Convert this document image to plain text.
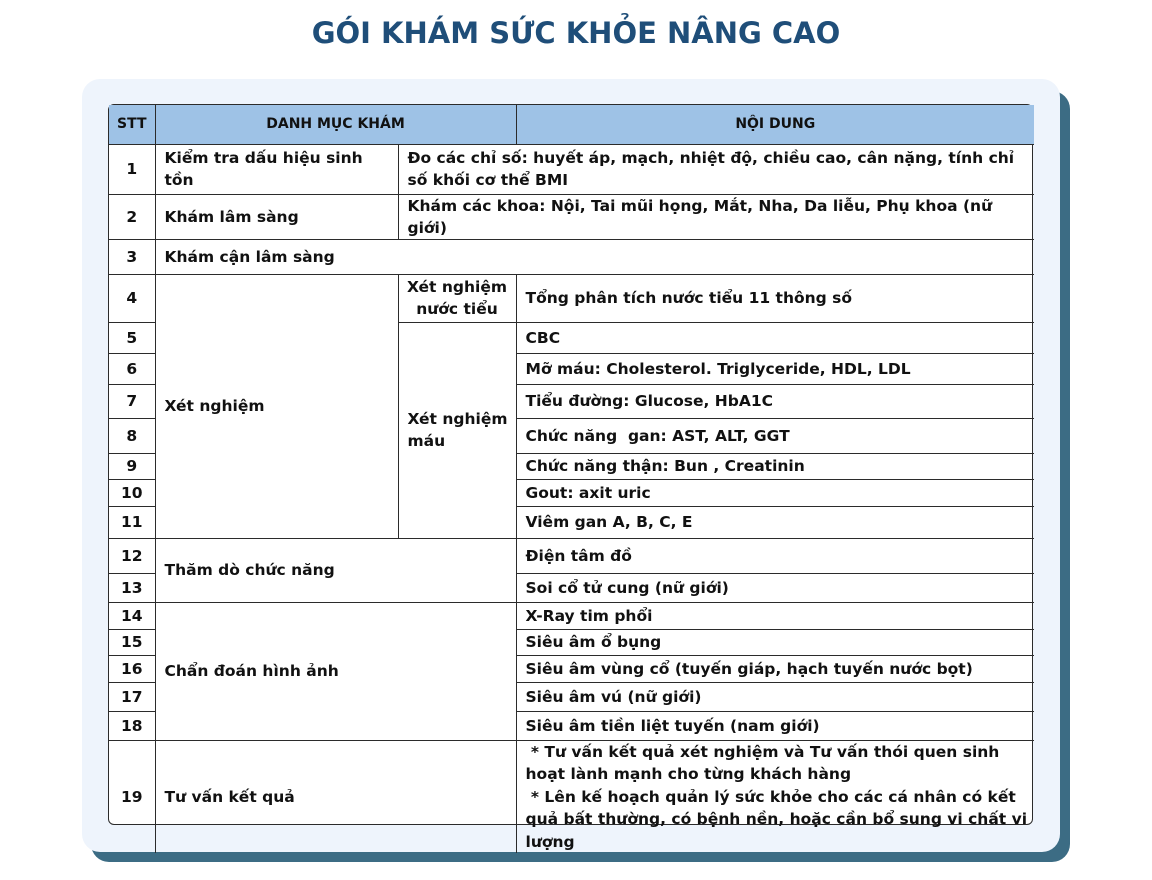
GÓI KHÁM SỨC KHỎE NÂNG CAO
STT	DANH MỤC KHÁM		NỘI DUNG
1	Kiểm tra dấu hiệu sinh tồn	Đo các chỉ số: huyết áp, mạch, nhiệt độ, chiều cao, cân nặng, tính chỉ số khối cơ thể BMI	
2	Khám lâm sàng	Khám các khoa: Nội, Tai mũi họng, Mắt, Nha, Da liễu, Phụ khoa (nữ giới)	
3	Khám cận lâm sàng		
4	Xét nghiệm	Xét nghiệm nước tiểu	Tổng phân tích nước tiểu 11 thông số
5		Xét nghiệm máu	CBC
6			Mỡ máu: Cholesterol. Triglyceride, HDL, LDL
7			Tiểu đường: Glucose, HbA1C
8			Chức năng  gan: AST, ALT, GGT
9			Chức năng thận: Bun , Creatinin
10			Gout: axit uric
11			Viêm gan A, B, C, E
12	Thăm dò chức năng		Điện tâm đồ
13			Soi cổ tử cung (nữ giới)
14	Chẩn đoán hình ảnh		X-Ray tim phổi
15			Siêu âm ổ bụng
16			Siêu âm vùng cổ (tuyến giáp, hạch tuyến nước bọt)
17			Siêu âm vú (nữ giới)
18			Siêu âm tiền liệt tuyến (nam giới)
19	Tư vấn kết quả		* Tư vấn kết quả xét nghiệm và Tư vấn thói quen sinh hoạt lành mạnh cho từng khách hàng
* Lên kế hoạch quản lý sức khỏe cho các cá nhân có kết quả bất thường, có bệnh nền, hoặc cần bổ sung vi chất vi lượng
